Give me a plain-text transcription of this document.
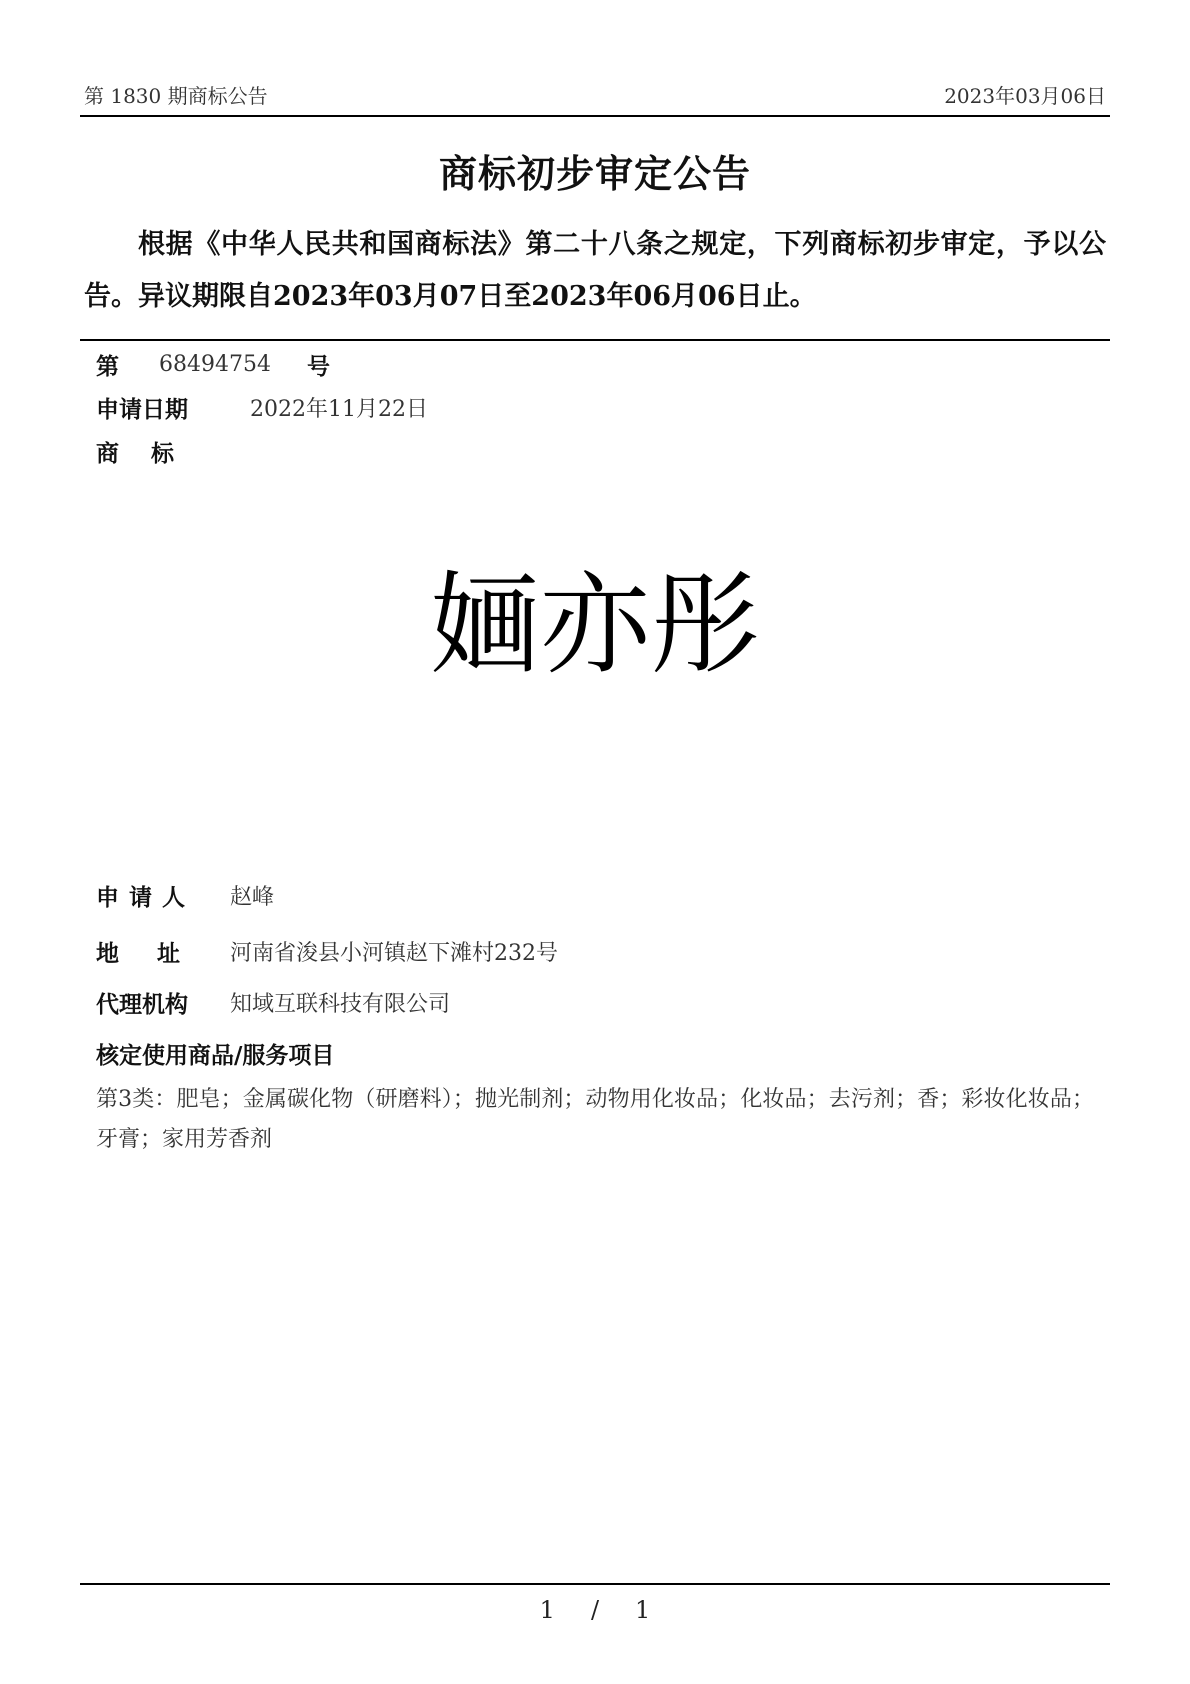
第 1830 期商标公告	2023年03月06日
商标初步审定公告
根据《中华人民共和国商标法》第二十八条之规定，下列商标初步审定，予以公告。异议期限自2023年03月07日至2023年06月06日止。
第 68494754 号
申请日期	2022年11月22日
商标
婳亦彤
申请人 赵峰
地址 河南省浚县小河镇赵下滩村232号
代理机构 知域互联科技有限公司
核定使用商品/服务项目
第3类：肥皂；金属碳化物（研磨料）；抛光制剂；动物用化妆品；化妆品；去污剂；香；彩妆化妆品；牙膏；家用芳香剂
1 / 1
